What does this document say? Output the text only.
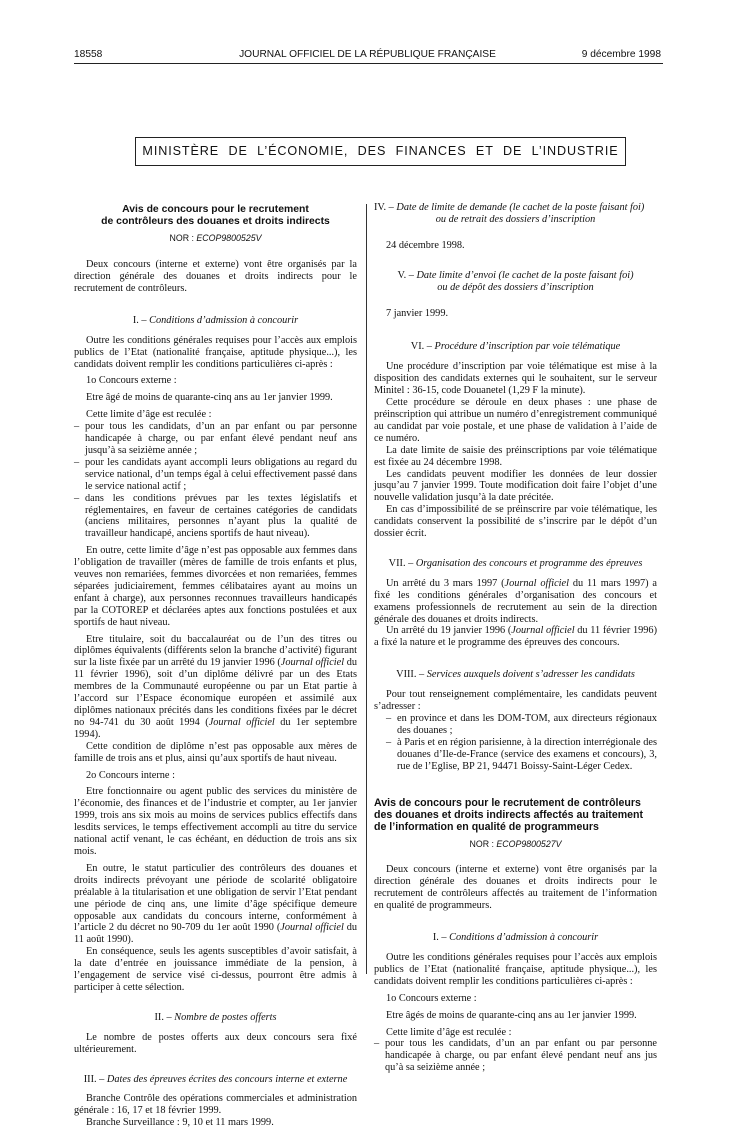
18558	JOURNAL OFFICIEL DE LA RÉPUBLIQUE FRANÇAISE	9 décembre 1998
MINISTÈRE DE L’ÉCONOMIE, DES FINANCES ET DE L’INDUSTRIE
Avis de concours pour le recrutement
de contrôleurs des douanes et droits indirects
NOR : ECOP9800525V

Deux concours (interne et externe) vont être organisés par la direction générale des douanes et droits indirects pour le recrutement de contrôleurs.

I. – Conditions d’admission à concourir

Outre les conditions générales requises pour l’accès aux emplois publics de l’Etat (nationalité française, aptitude physique...), les candidats doivent remplir les conditions particulières ci-après :

1o Concours externe :

Etre âgé de moins de quarante-cinq ans au 1er janvier 1999.

Cette limite d’âge est reculée :

– pour tous les candidats, d’un an par enfant ou par personne handicapée à charge, ou par enfant élevé pendant neuf ans jusqu’à sa seizième année ;
– pour les candidats ayant accompli leurs obligations au regard du service national, d’un temps égal à celui effectivement passé dans le service national actif ;
– dans les conditions prévues par les textes législatifs et réglementaires, en faveur de certaines catégories de candidats (anciens militaires, personnes n’ayant plus la qualité de travailleur handicapé, anciens sportifs de haut niveau).

En outre, cette limite d’âge n’est pas opposable aux femmes dans l’obligation de travailler (mères de famille de trois enfants et plus, veuves non remariées, femmes divorcées et non remariées, femmes séparées judiciairement, femmes célibataires ayant au moins un enfant à charge), aux personnes reconnues travailleurs handicapés par la COTOREP et déclarées aptes aux fonctions postulées et aux sportifs de haut niveau.

Etre titulaire, soit du baccalauréat ou de l’un des titres ou diplômes équivalents (différents selon la branche d’activité) figurant sur la liste fixée par un arrêté du 19 janvier 1996 (Journal officiel du 11 février 1996), soit d’un diplôme délivré par un des Etats membres de la Communauté européenne ou par un Etat partie à l’accord sur l’Espace économique européen et assimilé aux diplômes nationaux précités dans les conditions fixées par le décret no 94-741 du 30 août 1994 (Journal officiel du 1er septembre 1994).

Cette condition de diplôme n’est pas opposable aux mères de famille de trois ans et plus, ainsi qu’aux sportifs de haut niveau.

2o Concours interne :

Etre fonctionnaire ou agent public des services du ministère de l’économie, des finances et de l’industrie et compter, au 1er janvier 1999, trois ans six mois au moins de services publics effectifs dans lesdits services, le temps effectivement accompli au titre du service national actif venant, le cas échéant, en déduction de trois ans six mois.

En outre, le statut particulier des contrôleurs des douanes et droits indirects prévoyant une période de scolarité obligatoire préalable à la titularisation et une obligation de servir l’Etat pendant une période de cinq ans, une limite d’âge spécifique demeure opposable aux candidats du concours interne, conformément à l’article 2 du décret no 90-709 du 1er août 1990 (Journal officiel du 11 août 1990).

En conséquence, seuls les agents susceptibles d’avoir satisfait, à la date d’entrée en jouissance immédiate de la pension, à l’engagement de service visé ci-dessus, pourront être admis à participer à cette sélection.

II. – Nombre de postes offerts

Le nombre de postes offerts aux deux concours sera fixé ultérieurement.

III. – Dates des épreuves écrites des concours interne et externe

Branche Contrôle des opérations commerciales et administration générale : 16, 17 et 18 février 1999.

Branche Surveillance : 9, 10 et 11 mars 1999.

IV. – Date de limite de demande (le cachet de la poste faisant foi)
ou de retrait des dossiers d’inscription

24 décembre 1998.

V. – Date limite d’envoi (le cachet de la poste faisant foi)
ou de dépôt des dossiers d’inscription

7 janvier 1999.

VI. – Procédure d’inscription par voie télématique

Une procédure d’inscription par voie télématique est mise à la disposition des candidats externes qui le souhaitent, sur le serveur Minitel : 36-15, code Douanetel (1,29 F la minute).

Cette procédure se déroule en deux phases : une phase de préinscription qui attribue un numéro d’enregistrement communiqué au candidat par voie postale, et une phase de validation à l’aide de ce numéro.

La date limite de saisie des préinscriptions par voie télématique est fixée au 24 décembre 1998.

Les candidats peuvent modifier les données de leur dossier jusqu’au 7 janvier 1999. Toute modification doit faire l’objet d’une nouvelle validation jusqu’à la date précitée.

En cas d’impossibilité de se préinscrire par voie télématique, les candidats conservent la possibilité de s’inscrire par le dépôt d’un dossier écrit.

VII. – Organisation des concours et programme des épreuves

Un arrêté du 3 mars 1997 (Journal officiel du 11 mars 1997) a fixé les conditions générales d’organisation des concours et examens professionnels de recrutement au sein de la direction générale des douanes et droits indirects.

Un arrêté du 19 janvier 1996 (Journal officiel du 11 février 1996) a fixé la nature et le programme des épreuves des concours.

VIII. – Services auxquels doivent s’adresser les candidats

Pour tout renseignement complémentaire, les candidats peuvent s’adresser :

– en province et dans les DOM-TOM, aux directeurs régionaux des douanes ;
– à Paris et en région parisienne, à la direction interrégionale des douanes d’Ile-de-France (service des examens et concours), 3, rue de l’Eglise, BP 21, 94471 Boissy-Saint-Léger Cedex.
Avis de concours pour le recrutement de contrôleurs des douanes et droits indirects affectés au traitement de l’information en qualité de programmeurs
NOR : ECOP9800527V

Deux concours (interne et externe) vont être organisés par la direction générale des douanes et droits indirects pour le recrutement de contrôleurs affectés au traitement de l’information en qualité de programmeurs.

I. – Conditions d’admission à concourir

Outre les conditions générales requises pour l’accès aux emplois publics de l’Etat (nationalité française, aptitude physique...), les candidats doivent remplir les conditions particulières ci-après :

1o Concours externe :

Etre âgés de moins de quarante-cinq ans au 1er janvier 1999.

Cette limite d’âge est reculée :

– pour tous les candidats, d’un an par enfant ou par personne handicapée à charge, ou par enfant élevé pendant neuf ans jus qu’à sa seizième année ;
